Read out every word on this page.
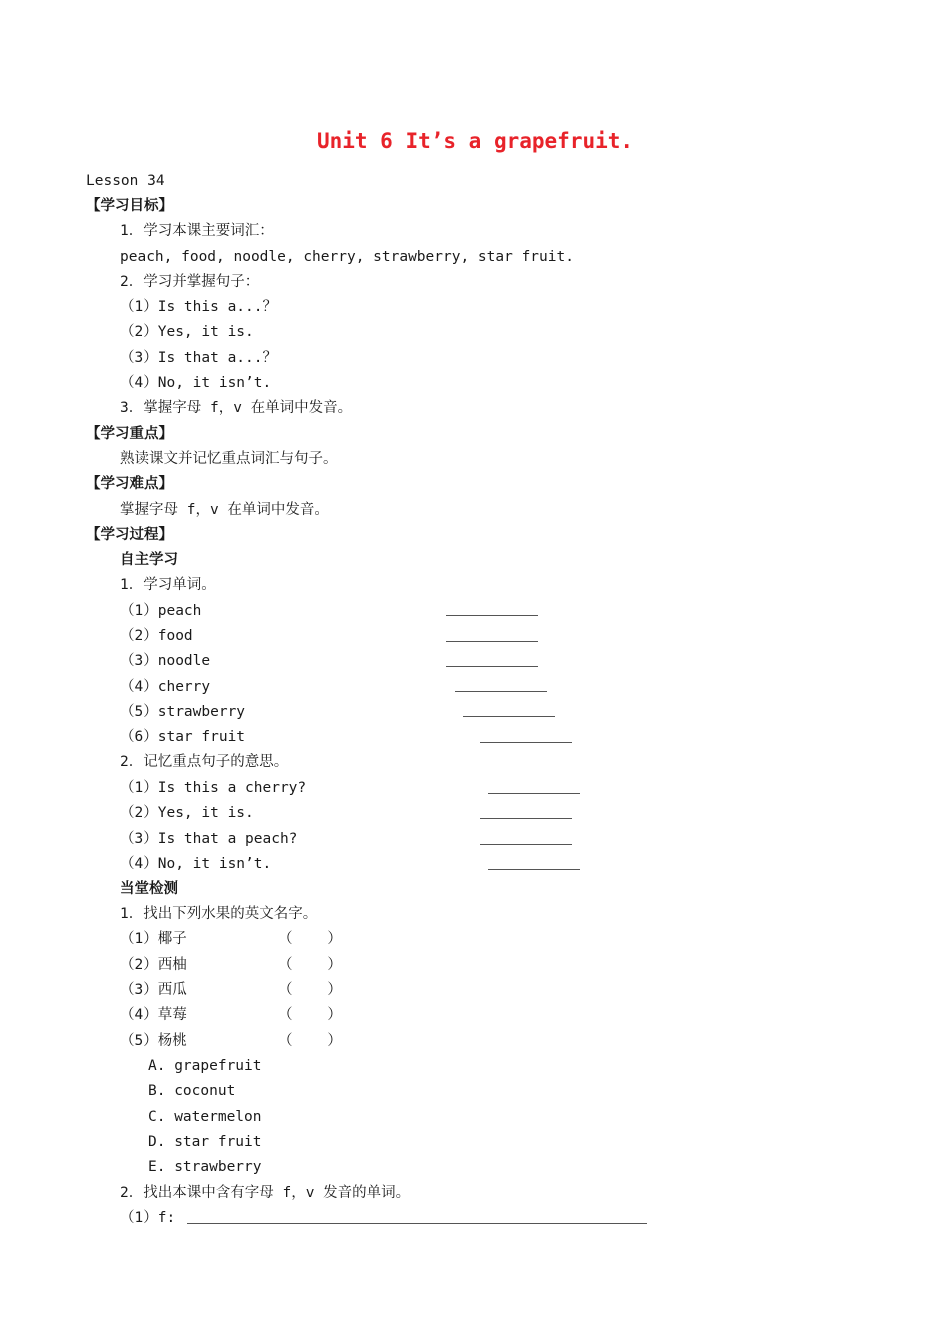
Unit 6 It’s a grapefruit.
Lesson 34
【学习目标】
1．学习本课主要词汇：
peach, food, noodle, cherry, strawberry, star fruit.
2．学习并掌握句子：
（1）Is this a...？
（2）Yes, it is.
（3）Is that a...？
（4）No, it isn’t.
3．掌握字母 f，v 在单词中发音。
【学习重点】
熟读课文并记忆重点词汇与句子。
【学习难点】
掌握字母 f，v 在单词中发音。
【学习过程】
自主学习
1．学习单词。
（1）peach
（2）food
（3）noodle
（4）cherry
（5）strawberry
（6）star fruit
2．记忆重点句子的意思。
（1）Is this a cherry?
（2）Yes, it is.
（3）Is that a peach?
（4）No, it isn’t.
当堂检测
1．找出下列水果的英文名字。
（1）椰子	（    ）
（2）西柚	（    ）
（3）西瓜	（    ）
（4）草莓	（    ）
（5）杨桃	（    ）
A. grapefruit
B. coconut
C. watermelon
D. star fruit
E. strawberry
2．找出本课中含有字母 f，v 发音的单词。
（1）f:
